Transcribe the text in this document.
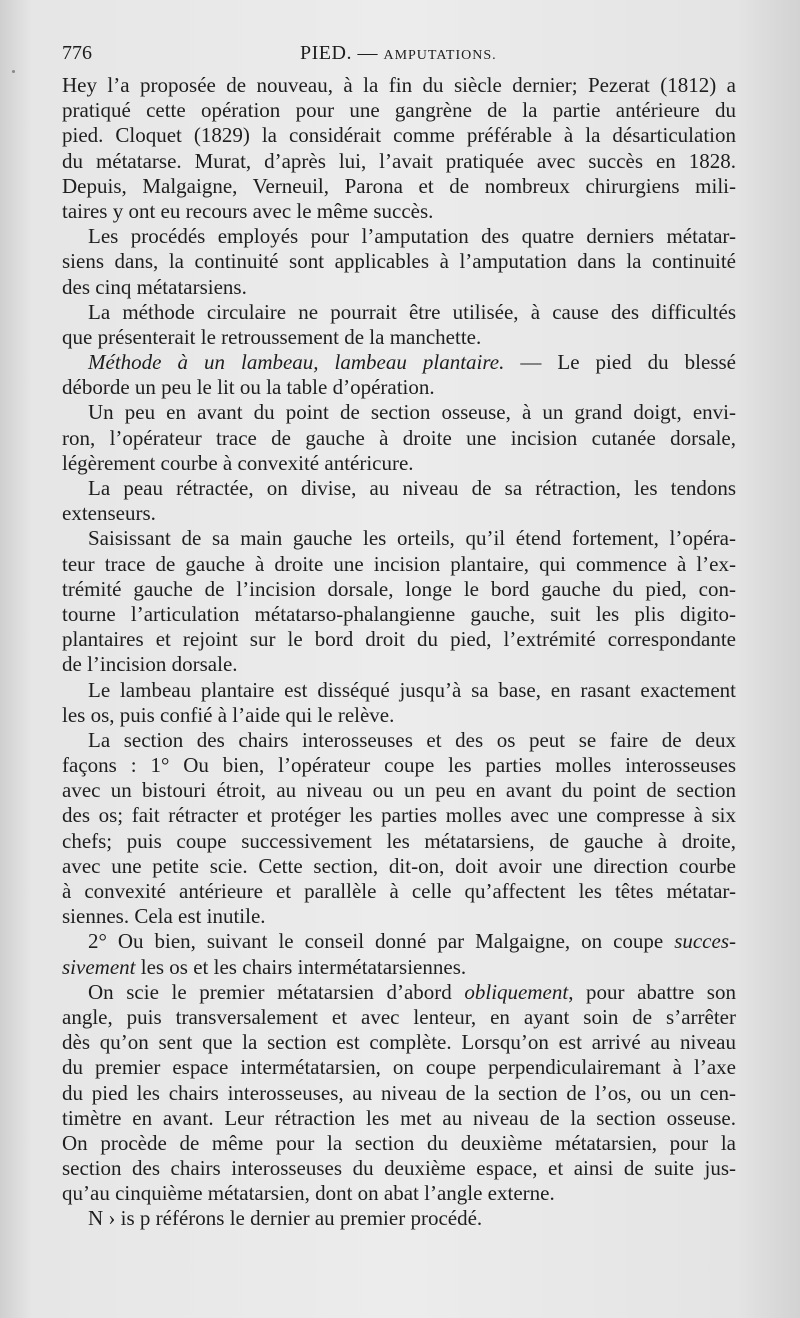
776	PIED. — AMPUTATIONS.
Hey l’a proposée de nouveau, à la fin du siècle dernier; Pezerat (1812) a
pratiqué cette opération pour une gangrène de la partie antérieure du
pied. Cloquet (1829) la considérait comme préférable à la désarticulation
du métatarse. Murat, d’après lui, l’avait pratiquée avec succès en 1828.
Depuis, Malgaigne, Verneuil, Parona et de nombreux chirurgiens mili-
taires y ont eu recours avec le même succès.
Les procédés employés pour l’amputation des quatre derniers métatar-
siens dans, la continuité sont applicables à l’amputation dans la continuité
des cinq métatarsiens.
La méthode circulaire ne pourrait être utilisée, à cause des difficultés
que présenterait le retroussement de la manchette.
Méthode à un lambeau, lambeau plantaire. — Le pied du blessé
déborde un peu le lit ou la table d’opération.
Un peu en avant du point de section osseuse, à un grand doigt, envi-
ron, l’opérateur trace de gauche à droite une incision cutanée dorsale,
légèrement courbe à convexité antéricure.
La peau rétractée, on divise, au niveau de sa rétraction, les tendons
extenseurs.
Saisissant de sa main gauche les orteils, qu’il étend fortement, l’opéra-
teur trace de gauche à droite une incision plantaire, qui commence à l’ex-
trémité gauche de l’incision dorsale, longe le bord gauche du pied, con-
tourne l’articulation métatarso-phalangienne gauche, suit les plis digito-
plantaires et rejoint sur le bord droit du pied, l’extrémité correspondante
de l’incision dorsale.
Le lambeau plantaire est disséqué jusqu’à sa base, en rasant exactement
les os, puis confié à l’aide qui le relève.
La section des chairs interosseuses et des os peut se faire de deux
façons : 1° Ou bien, l’opérateur coupe les parties molles interosseuses
avec un bistouri étroit, au niveau ou un peu en avant du point de section
des os; fait rétracter et protéger les parties molles avec une compresse à six
chefs; puis coupe successivement les métatarsiens, de gauche à droite,
avec une petite scie. Cette section, dit-on, doit avoir une direction courbe
à convexité antérieure et parallèle à celle qu’affectent les têtes métatar-
siennes. Cela est inutile.
2° Ou bien, suivant le conseil donné par Malgaigne, on coupe succes-
sivement les os et les chairs intermétatarsiennes.
On scie le premier métatarsien d’abord obliquement, pour abattre son
angle, puis transversalement et avec lenteur, en ayant soin de s’arrêter
dès qu’on sent que la section est complète. Lorsqu’on est arrivé au niveau
du premier espace intermétatarsien, on coupe perpendiculairemant à l’axe
du pied les chairs interosseuses, au niveau de la section de l’os, ou un cen-
timètre en avant. Leur rétraction les met au niveau de la section osseuse.
On procède de même pour la section du deuxième métatarsien, pour la
section des chairs interosseuses du deuxième espace, et ainsi de suite jus-
qu’au cinquième métatarsien, dont on abat l’angle externe.
N › is p référons le dernier au premier procédé.
